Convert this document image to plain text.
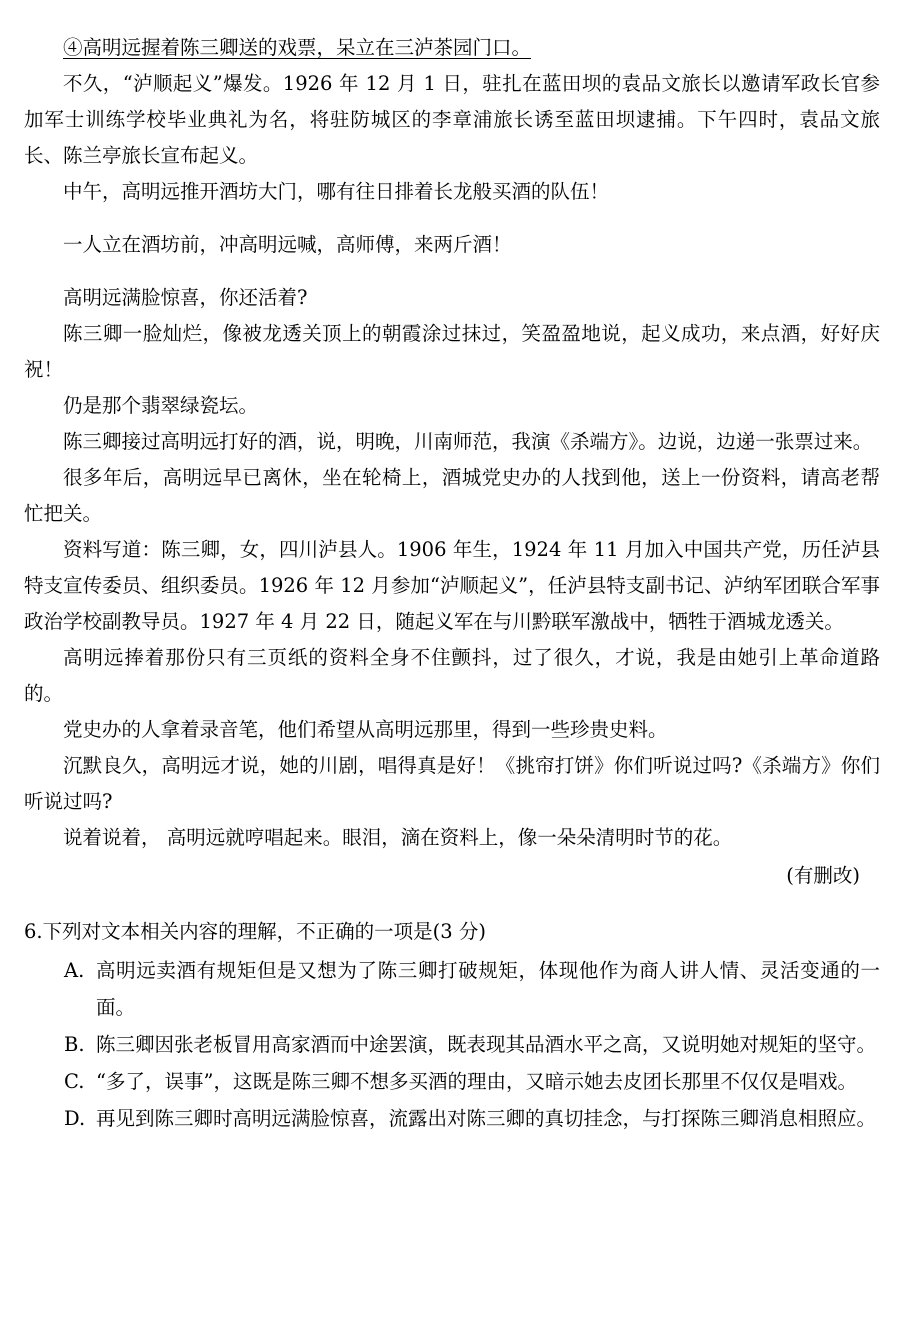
④高明远握着陈三卿送的戏票，呆立在三泸茶园门口。

不久，“泸顺起义”爆发。1926 年 12 月 1 日，驻扎在蓝田坝的袁品文旅长以邀请军政长官参加军士训练学校毕业典礼为名，将驻防城区的李章浦旅长诱至蓝田坝逮捕。下午四时，袁品文旅长、陈兰亭旅长宣布起义。

中午，高明远推开酒坊大门，哪有往日排着长龙般买酒的队伍！

一人立在酒坊前，冲高明远喊，高师傅，来两斤酒！

高明远满脸惊喜，你还活着?

陈三卿一脸灿烂，像被龙透关顶上的朝霞涂过抹过，笑盈盈地说，起义成功，来点酒，好好庆祝！

仍是那个翡翠绿瓷坛。

陈三卿接过高明远打好的酒，说，明晚，川南师范，我演《杀端方》。边说，边递一张票过来。

很多年后，高明远早已离休，坐在轮椅上，酒城党史办的人找到他，送上一份资料，请高老帮忙把关。

资料写道：陈三卿，女，四川泸县人。1906 年生，1924 年 11 月加入中国共产党，历任泸县特支宣传委员、组织委员。1926 年 12 月参加“泸顺起义”，任泸县特支副书记、泸纳军团联合军事政治学校副教导员。1927 年 4 月 22 日，随起义军在与川黔联军激战中，牺牲于酒城龙透关。

高明远捧着那份只有三页纸的资料全身不住颤抖，过了很久，才说，我是由她引上革命道路的。

党史办的人拿着录音笔，他们希望从高明远那里，得到一些珍贵史料。

沉默良久，高明远才说，她的川剧，唱得真是好！《挑帘打饼》你们听说过吗?《杀端方》你们听说过吗?

说着说着， 高明远就哼唱起来。眼泪，滴在资料上，像一朵朵清明时节的花。

(有删改)

6.下列对文本相关内容的理解，不正确的一项是(3 分)

A. 高明远卖酒有规矩但是又想为了陈三卿打破规矩，体现他作为商人讲人情、灵活变通的一面。
B. 陈三卿因张老板冒用高家酒而中途罢演，既表现其品酒水平之高，又说明她对规矩的坚守。
C. “多了，误事”，这既是陈三卿不想多买酒的理由，又暗示她去皮团长那里不仅仅是唱戏。
D. 再见到陈三卿时高明远满脸惊喜，流露出对陈三卿的真切挂念，与打探陈三卿消息相照应。
